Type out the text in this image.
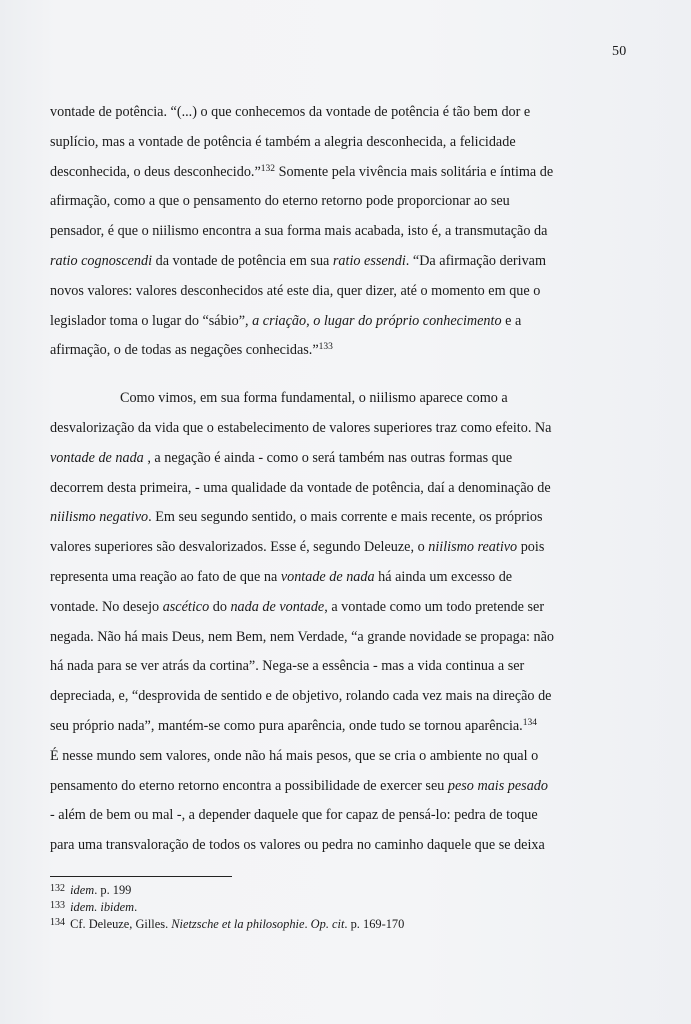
50

vontade de potência. “(...) o que conhecemos da vontade de potência é tão bem dor e
suplício, mas a vontade de potência é também a alegria desconhecida, a felicidade
desconhecida, o deus desconhecido.”$^{132}$ Somente pela vivência mais solitária e íntima de
afirmação, como a que o pensamento do eterno retorno pode proporcionar ao seu
pensador, é que o niilismo encontra a sua forma mais acabada, isto é, a transmutação da
ratio cognoscendi da vontade de potência em sua ratio essendi. “Da afirmação derivam
novos valores: valores desconhecidos até este dia, quer dizer, até o momento em que o
legislador toma o lugar do “sábio”, a criação, o lugar do próprio conhecimento e a
afirmação, o de todas as negações conhecidas.”$^{133}$

Como vimos, em sua forma fundamental, o niilismo aparece como a
desvalorização da vida que o estabelecimento de valores superiores traz como efeito. Na
vontade de nada , a negação é ainda - como o será também nas outras formas que
decorrem desta primeira, - uma qualidade da vontade de potência, daí a denominação de
niilismo negativo. Em seu segundo sentido, o mais corrente e mais recente, os próprios
valores superiores são desvalorizados. Esse é, segundo Deleuze, o niilismo reativo pois
representa uma reação ao fato de que na vontade de nada há ainda um excesso de
vontade. No desejo ascético do nada de vontade, a vontade como um todo pretende ser
negada. Não há mais Deus, nem Bem, nem Verdade, “a grande novidade se propaga: não
há nada para se ver atrás da cortina”. Nega-se a essência - mas a vida continua a ser
depreciada, e, “desprovida de sentido e de objetivo, rolando cada vez mais na direção de
seu próprio nada”, mantém-se como pura aparência, onde tudo se tornou aparência.$^{134}$
É nesse mundo sem valores, onde não há mais pesos, que se cria o ambiente no qual o
pensamento do eterno retorno encontra a possibilidade de exercer seu peso mais pesado
- além de bem ou mal -, a depender daquele que for capaz de pensá-lo: pedra de toque
para uma transvaloração de todos os valores ou pedra no caminho daquele que se deixa

$^{132}$ idem. p. 199
$^{133}$ idem. ibidem.
$^{134}$ Cf. Deleuze, Gilles. Nietzsche et la philosophie. Op. cit. p. 169-170
